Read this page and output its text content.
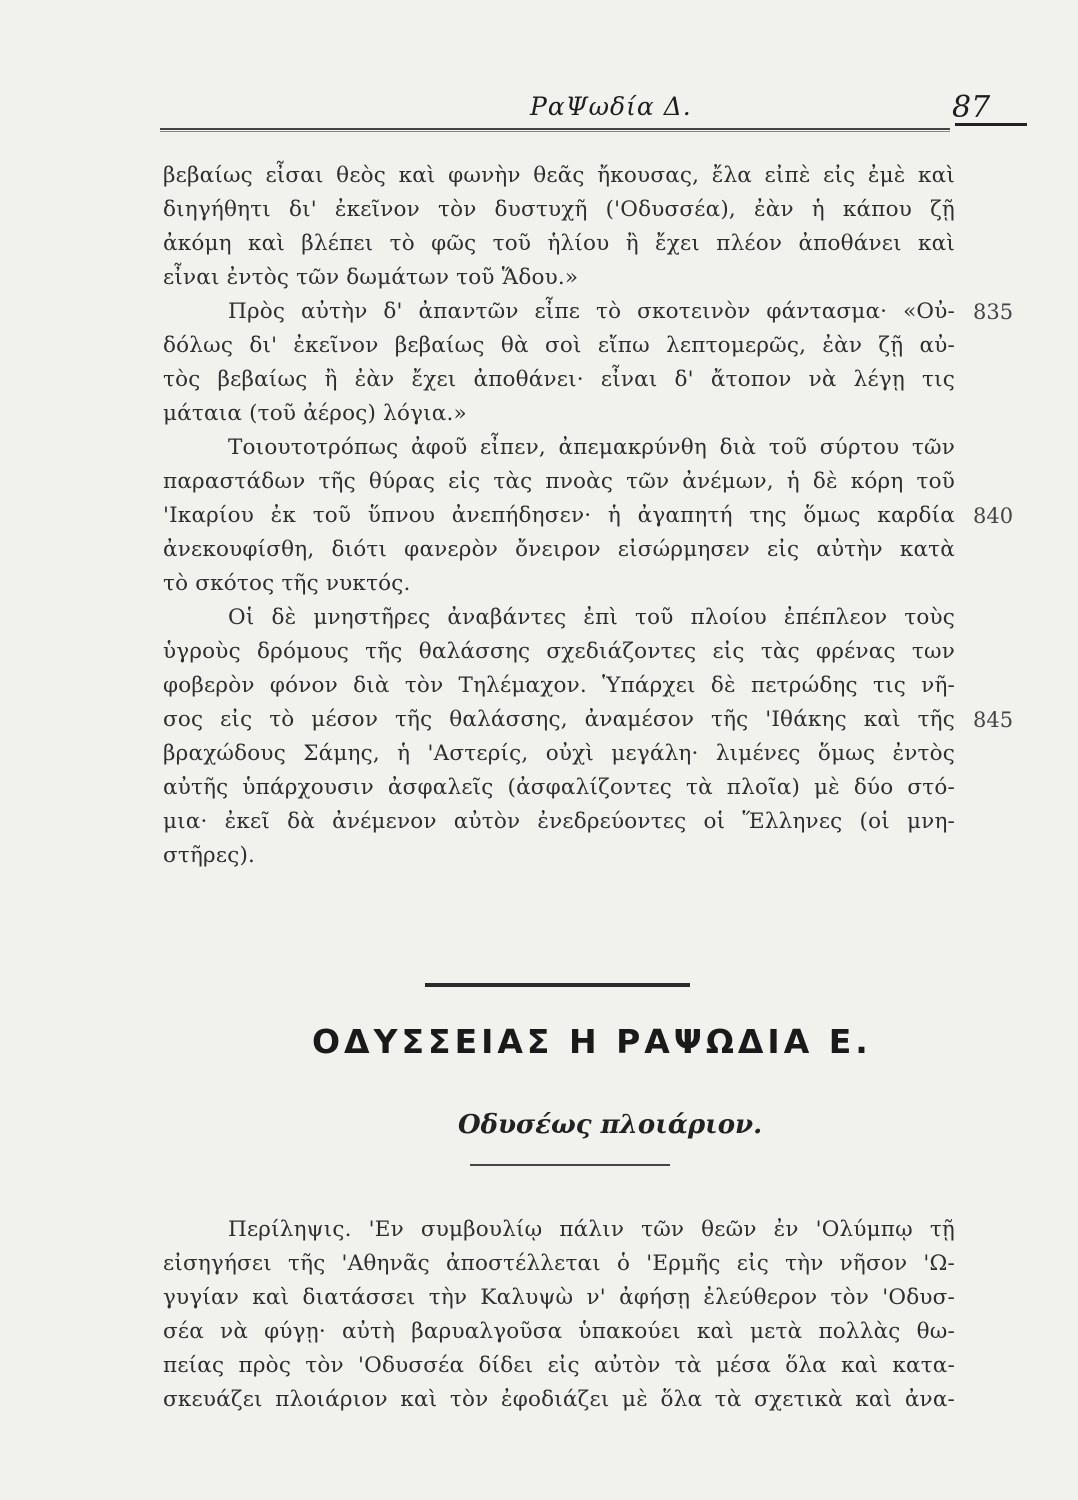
ΡαΨωδία Δ.	87
βεβαίως εἶσαι θεὸς καὶ φωνὴν θεᾶς ἤκουσας, ἔλα εἰπὲ εἰς ἐμὲ καὶ
διηγήθητι δι' ἐκεῖνον τὸν δυστυχῆ ('Οδυσσέα), ἐὰν ἡ κάπου ζῇ
ἀκόμη καὶ βλέπει τὸ φῶς τοῦ ἡλίου ἢ ἔχει πλέον ἀποθάνει καὶ
εἶναι ἐντὸς τῶν δωμάτων τοῦ Ἅδου.»
Πρὸς αὐτὴν δ' ἀπαντῶν εἶπε τὸ σκοτεινὸν φάντασμα· «Οὐ- 835
δόλως δι' ἐκεῖνον βεβαίως θὰ σοὶ εἴπω λεπτομερῶς, ἐὰν ζῇ αὐ-
τὸς βεβαίως ἢ ἐὰν ἔχει ἀποθάνει· εἶναι δ' ἄτοπον νὰ λέγῃ τις
μάταια (τοῦ ἀέρος) λόγια.»
Τοιουτοτρόπως ἀφοῦ εἶπεν, ἀπεμακρύνθη διὰ τοῦ σύρτου τῶν
παραστάδων τῆς θύρας εἰς τὰς πνοὰς τῶν ἀνέμων, ἡ δὲ κόρη τοῦ
'Ικαρίου ἐκ τοῦ ὕπνου ἀνεπήδησεν· ἡ ἀγαπητή της ὅμως καρδία 840
ἀνεκουφίσθη, διότι φανερὸν ὄνειρον εἰσώρμησεν εἰς αὐτὴν κατὰ
τὸ σκότος τῆς νυκτός.
Οἱ δὲ μνηστῆρες ἀναβάντες ἐπὶ τοῦ πλοίου ἐπέπλεον τοὺς
ὑγροὺς δρόμους τῆς θαλάσσης σχεδιάζοντες εἰς τὰς φρένας των
φοβερὸν φόνον διὰ τὸν Τηλέμαχον. Ὑπάρχει δὲ πετρώδης τις νῆ-
σος εἰς τὸ μέσον τῆς θαλάσσης, ἀναμέσον τῆς 'Ιθάκης καὶ τῆς 845
βραχώδους Σάμης, ἡ 'Αστερίς, οὐχὶ μεγάλη· λιμένες ὅμως ἐντὸς
αὐτῆς ὑπάρχουσιν ἀσφαλεῖς (ἀσφαλίζοντες τὰ πλοῖα) μὲ δύο στό-
μια· ἐκεῖ δὰ ἀνέμενον αὐτὸν ἐνεδρεύοντες οἱ Ἕλληνες (οἱ μνη-
στῆρες).
ΟΔΥΣΣΕΙΑΣ Η ΡΑΨΩΔΙΑ Ε.
Οδυσέως πλοιάριον.
Περίληψις. 'Εν συμβουλίῳ πάλιν τῶν θεῶν ἐν 'Ολύμπῳ τῇ
εἰσηγήσει τῆς 'Αθηνᾶς ἀποστέλλεται ὁ 'Ερμῆς εἰς τὴν νῆσον 'Ω-
γυγίαν καὶ διατάσσει τὴν Καλυψὼ ν' ἀφήσῃ ἐλεύθερον τὸν 'Οδυσ-
σέα νὰ φύγῃ· αὐτὴ βαρυαλγοῦσα ὑπακούει καὶ μετὰ πολλὰς θω-
πείας πρὸς τὸν 'Οδυσσέα δίδει εἰς αὐτὸν τὰ μέσα ὅλα καὶ κατα-
σκευάζει πλοιάριον καὶ τὸν ἐφοδιάζει μὲ ὅλα τὰ σχετικὰ καὶ ἀνα-
